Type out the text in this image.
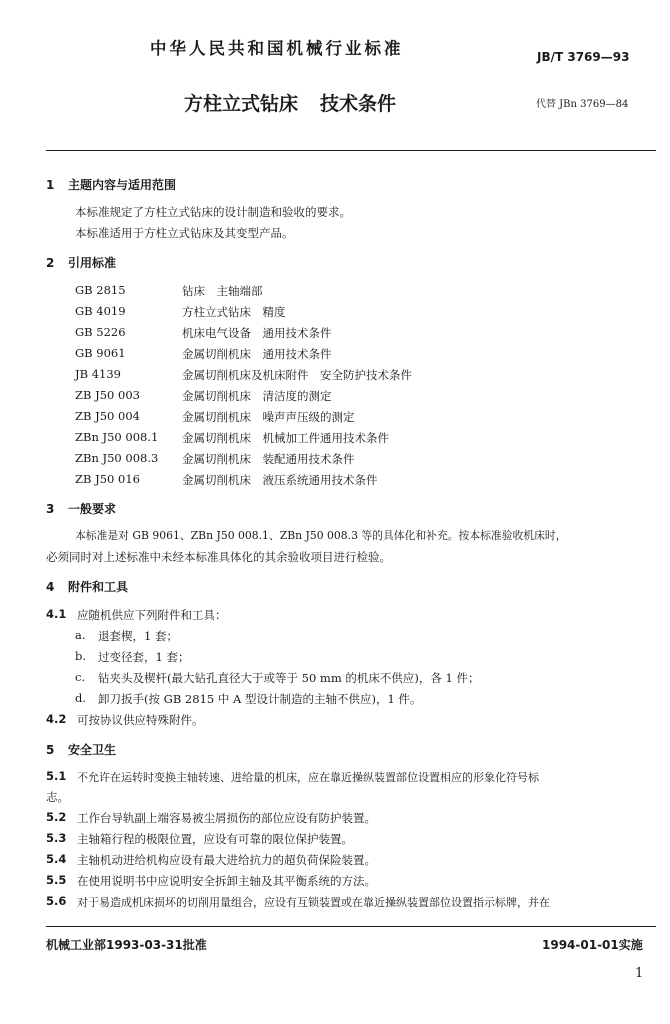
中华人民共和国机械行业标准	JB/T 3769—93
方柱立式钻床 技术条件	代替 JBn 3769—84
1 主题内容与适用范围
本标准规定了方柱立式钻床的设计制造和验收的要求。
本标准适用于方柱立式钻床及其变型产品。
2 引用标准
GB 2815	钻床　主轴端部
GB 4019	方柱立式钻床　精度
GB 5226	机床电气设备　通用技术条件
GB 9061	金属切削机床　通用技术条件
JB 4139	金属切削机床及机床附件　安全防护技术条件
ZB J50 003	金属切削机床　清洁度的测定
ZB J50 004	金属切削机床　噪声声压级的测定
ZBn J50 008.1 金属切削机床　机械加工件通用技术条件
ZBn J50 008.3 金属切削机床　装配通用技术条件
ZB J50 016	金属切削机床　液压系统通用技术条件
3 一般要求
本标准是对 GB 9061、ZBn J50 008.1、ZBn J50 008.3 等的具体化和补充。按本标准验收机床时，
必须同时对上述标准中未经本标准具体化的其余验收项目进行检验。
4 附件和工具
4.1 应随机供应下列附件和工具：
a. 退套楔，1 套；
b. 过变径套，1 套；
c. 钻夹头及楔杆(最大钻孔直径大于或等于 50 mm 的机床不供应)，各 1 件；
d. 卸刀扳手(按 GB 2815 中 A 型设计制造的主轴不供应)，1 件。
4.2 可按协议供应特殊附件。
5 安全卫生
5.1 不允许在运转时变换主轴转速、进给量的机床，应在靠近操纵装置部位设置相应的形象化符号标
志。
5.2 工作台导轨副上端容易被尘屑损伤的部位应设有防护装置。
5.3 主轴箱行程的极限位置，应设有可靠的限位保护装置。
5.4 主轴机动进给机构应设有最大进给抗力的超负荷保险装置。
5.5 在使用说明书中应说明安全拆卸主轴及其平衡系统的方法。
5.6 对于易造成机床损坏的切削用量组合，应设有互锁装置或在靠近操纵装置部位设置指示标牌，并在
机械工业部1993-03-31批准	1994-01-01实施
1
